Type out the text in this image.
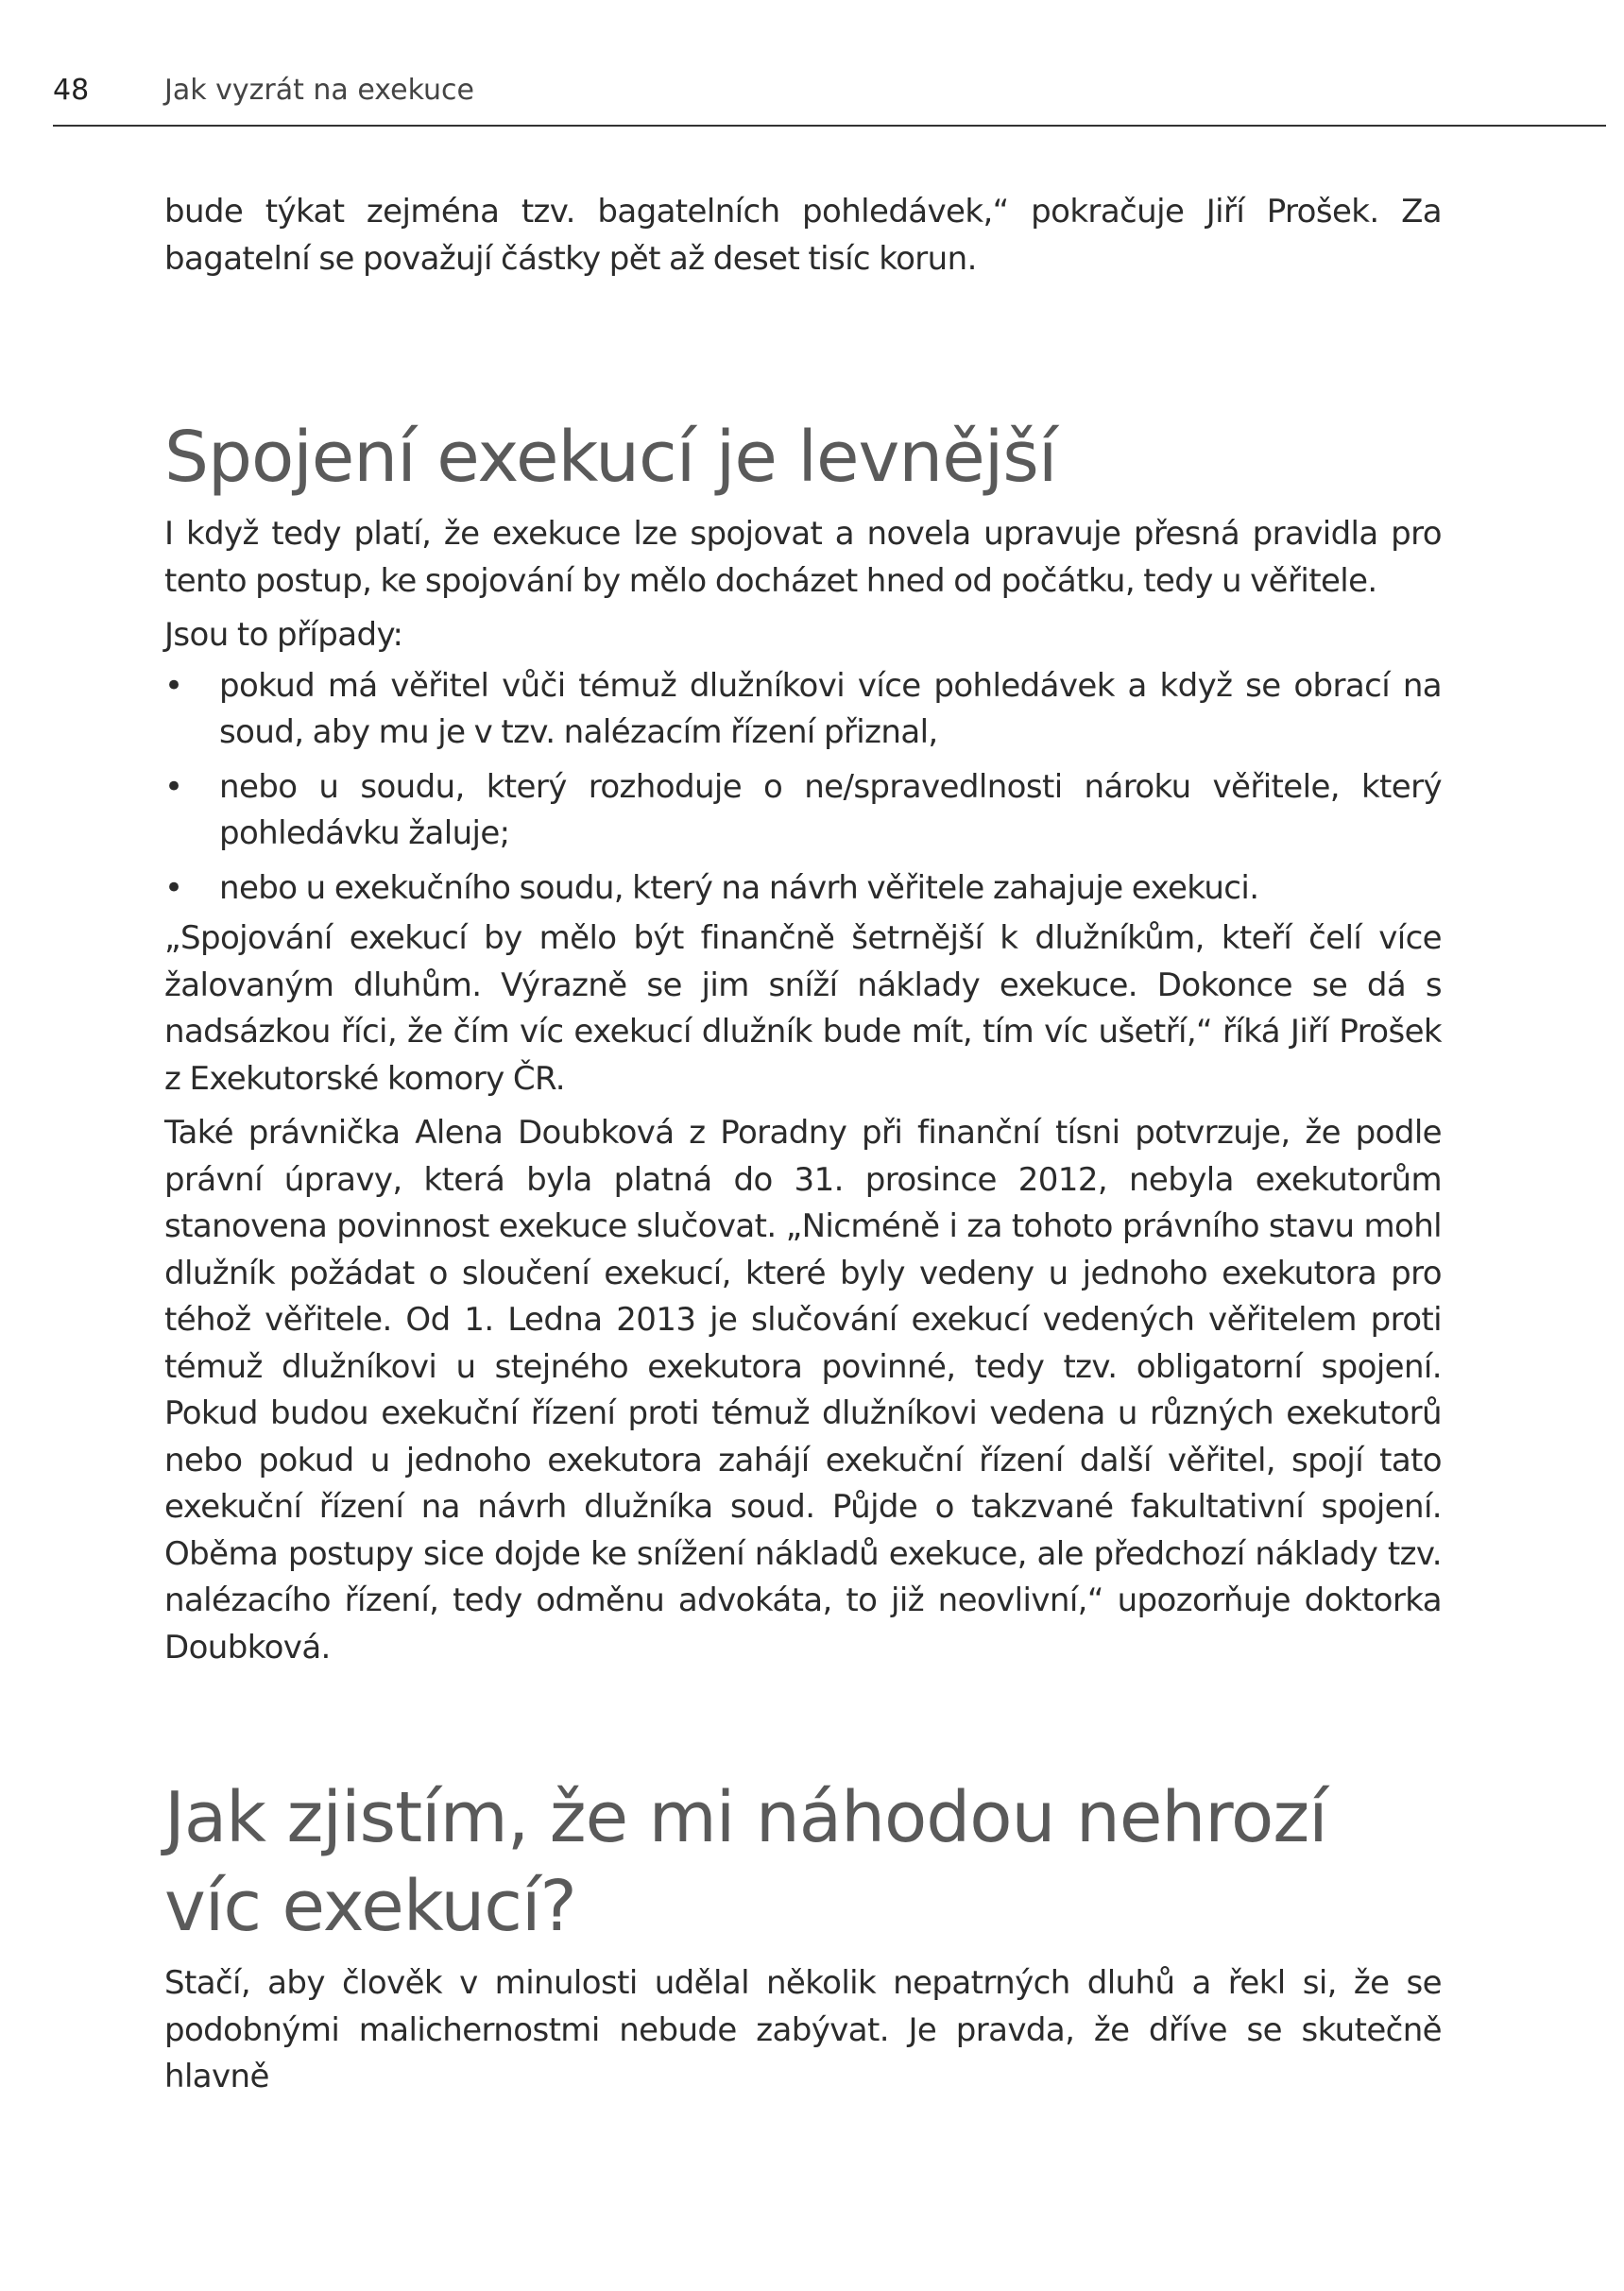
48	Jak vyzrát na exekuce

bude týkat zejména tzv. bagatelních pohledávek,“ pokračuje Jiří Prošek. Za bagatelní se považují částky pět až deset tisíc korun.

Spojení exekucí je levnější

I když tedy platí, že exekuce lze spojovat a novela upravuje přesná pravidla pro tento postup, ke spojování by mělo docházet hned od počátku, tedy u věřitele.

Jsou to případy:

• pokud má věřitel vůči témuž dlužníkovi více pohledávek a když se obrací na soud, aby mu je v tzv. nalézacím řízení přiznal,
• nebo u soudu, který rozhoduje o ne/spravedlnosti nároku věřitele, který pohledávku žaluje;
• nebo u exekučního soudu, který na návrh věřitele zahajuje exekuci.

„Spojování exekucí by mělo být finančně šetrnější k dlužníkům, kteří čelí více žalovaným dluhům. Výrazně se jim sníží náklady exekuce. Dokonce se dá s nadsázkou říci, že čím víc exekucí dlužník bude mít, tím víc ušetří,“ říká Jiří Prošek z Exekutorské komory ČR.

Také právnička Alena Doubková z Poradny při finanční tísni potvrzuje, že podle právní úpravy, která byla platná do 31. prosince 2012, nebyla exekutorům stanovena povinnost exekuce slučovat. „Nicméně i za tohoto právního stavu mohl dlužník požádat o sloučení exekucí, které byly vedeny u jednoho exekutora pro téhož věřitele. Od 1. Ledna 2013 je slučování exekucí vedených věřitelem proti témuž dlužníkovi u stejného exekutora povinné, tedy tzv. obligatorní spojení. Pokud budou exekuční řízení proti témuž dlužníkovi vedena u různých exekutorů nebo pokud u jednoho exekutora zahájí exekuční řízení další věřitel, spojí tato exekuční řízení na návrh dlužníka soud. Půjde o takzvané fakultativní spojení. Oběma postupy sice dojde ke snížení nákladů exekuce, ale předchozí náklady tzv. nalézacího řízení, tedy odměnu advokáta, to již neovlivní,“ upozorňuje doktorka Doubková.

Jak zjistím, že mi náhodou nehrozí
víc exekucí?

Stačí, aby člověk v minulosti udělal několik nepatrných dluhů a řekl si, že se podobnými malichernostmi nebude zabývat. Je pravda, že dříve se skutečně hlavně
